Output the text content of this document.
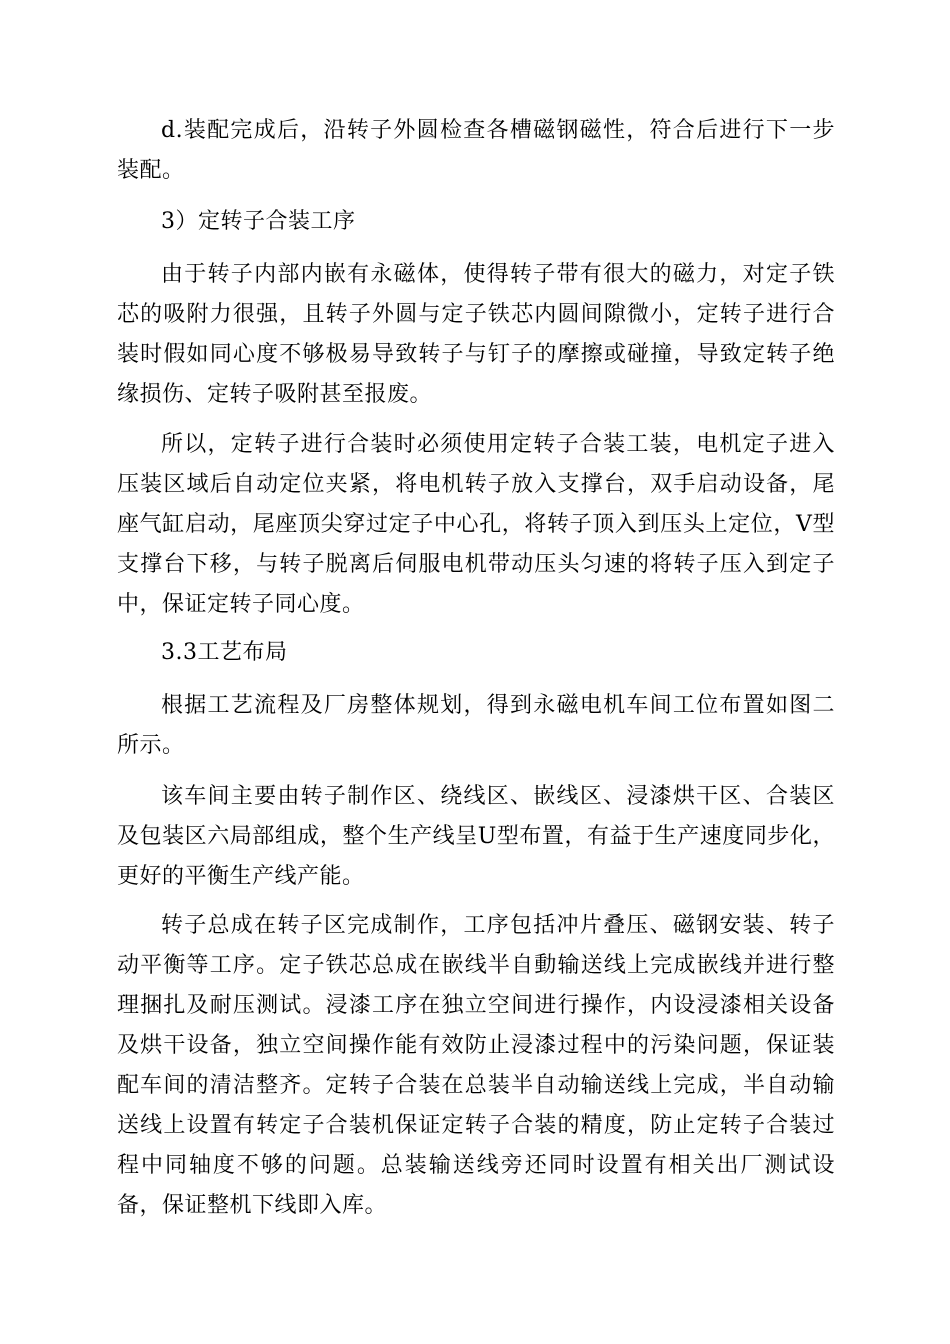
d.装配完成后，沿转子外圆检查各槽磁钢磁性，符合后进行下一步装配。

3）定转子合装工序

由于转子内部内嵌有永磁体，使得转子带有很大的磁力，对定子铁芯的吸附力很强，且转子外圆与定子铁芯内圆间隙微小，定转子进行合装时假如同心度不够极易导致转子与钉子的摩擦或碰撞，导致定转子绝缘损伤、定转子吸附甚至报废。

所以，定转子进行合装时必须使用定转子合装工装，电机定子进入压装区域后自动定位夹紧，将电机转子放入支撑台，双手启动设备，尾座气缸启动，尾座顶尖穿过定子中心孔，将转子顶入到压头上定位，V型支撑台下移，与转子脱离后伺服电机带动压头匀速的将转子压入到定子中，保证定转子同心度。

3.3工艺布局

根据工艺流程及厂房整体规划，得到永磁电机车间工位布置如图二所示。

该车间主要由转子制作区、绕线区、嵌线区、浸漆烘干区、合装区及包装区六局部组成，整个生产线呈U型布置，有益于生产速度同步化，更好的平衡生产线产能。

转子总成在转子区完成制作，工序包括冲片叠压、磁钢安装、转子动平衡等工序。定子铁芯总成在嵌线半自動输送线上完成嵌线并进行整理捆扎及耐压测试。浸漆工序在独立空间进行操作，内设浸漆相关设备及烘干设备，独立空间操作能有效防止浸漆过程中的污染问题，保证装配车间的清洁整齐。定转子合装在总装半自动输送线上完成，半自动输送线上设置有转定子合装机保证定转子合装的精度，防止定转子合装过程中同轴度不够的问题。总装输送线旁还同时设置有相关出厂测试设备，保证整机下线即入库。
